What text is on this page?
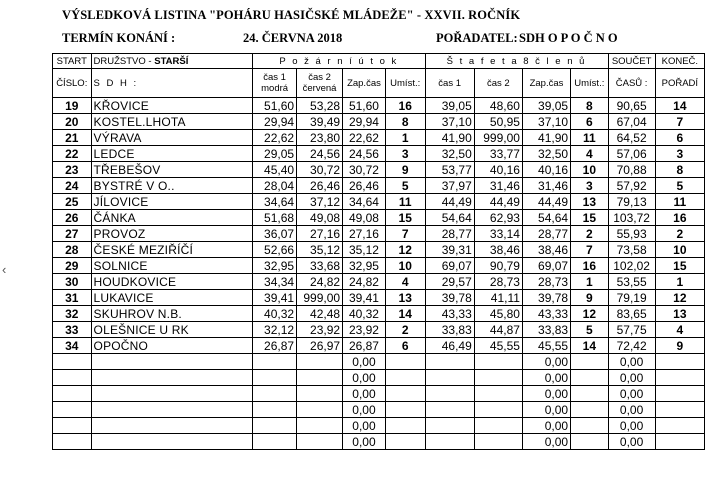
VÝSLEDKOVÁ LISTINA "POHÁRU HASIČSKÉ MLÁDEŽE" - XXVII. ROČNÍK
TERMÍN KONÁNÍ :	24. ČERVNA 2018	POŘADATEL: SDH O P O Č N O
‹
START	DRUŽSTVO - STARŠÍ	P o ž á r n í ú t o k				Š t a f e t a 8 č l e n ů				SOUČET	KONEČ.
ČÍSLO:	S D H :	čas 1
modrá	čas 2
červená	Zap.čas	Umíst.:	čas 1	čas 2	Zap.čas	Umíst.:	ČASŮ :	POŘADÍ
19	KŘOVICE	51,60	53,28	51,60	16	39,05	48,60	39,05	8	90,65	14
20	KOSTEL.LHOTA	29,94	39,49	29,94	8	37,10	50,95	37,10	6	67,04	7
21	VÝRAVA	22,62	23,80	22,62	1	41,90	999,00	41,90	11	64,52	6
22	LEDCE	29,05	24,56	24,56	3	32,50	33,77	32,50	4	57,06	3
23	TŘEBEŠOV	45,40	30,72	30,72	9	53,77	40,16	40,16	10	70,88	8
24	BYSTRÉ V O..	28,04	26,46	26,46	5	37,97	31,46	31,46	3	57,92	5
25	JÍLOVICE	34,64	37,12	34,64	11	44,49	44,49	44,49	13	79,13	11
26	ČÁNKA	51,68	49,08	49,08	15	54,64	62,93	54,64	15	103,72	16
27	PROVOZ	36,07	27,16	27,16	7	28,77	33,14	28,77	2	55,93	2
28	ČESKÉ MEZIŘÍČÍ	52,66	35,12	35,12	12	39,31	38,46	38,46	7	73,58	10
29	SOLNICE	32,95	33,68	32,95	10	69,07	90,79	69,07	16	102,02	15
30	HOUDKOVICE	34,34	24,82	24,82	4	29,57	28,73	28,73	1	53,55	1
31	LUKAVICE	39,41	999,00	39,41	13	39,78	41,11	39,78	9	79,19	12
32	SKUHROV N.B.	40,32	42,48	40,32	14	43,33	45,80	43,33	12	83,65	13
33	OLEŠNICE U RK	32,12	23,92	23,92	2	33,83	44,87	33,83	5	57,75	4
34	OPOČNO	26,87	26,97	26,87	6	46,49	45,55	45,55	14	72,42	9
				0,00				0,00		0,00	
				0,00				0,00		0,00	
				0,00				0,00		0,00	
				0,00				0,00		0,00	
				0,00				0,00		0,00	
				0,00				0,00		0,00	
